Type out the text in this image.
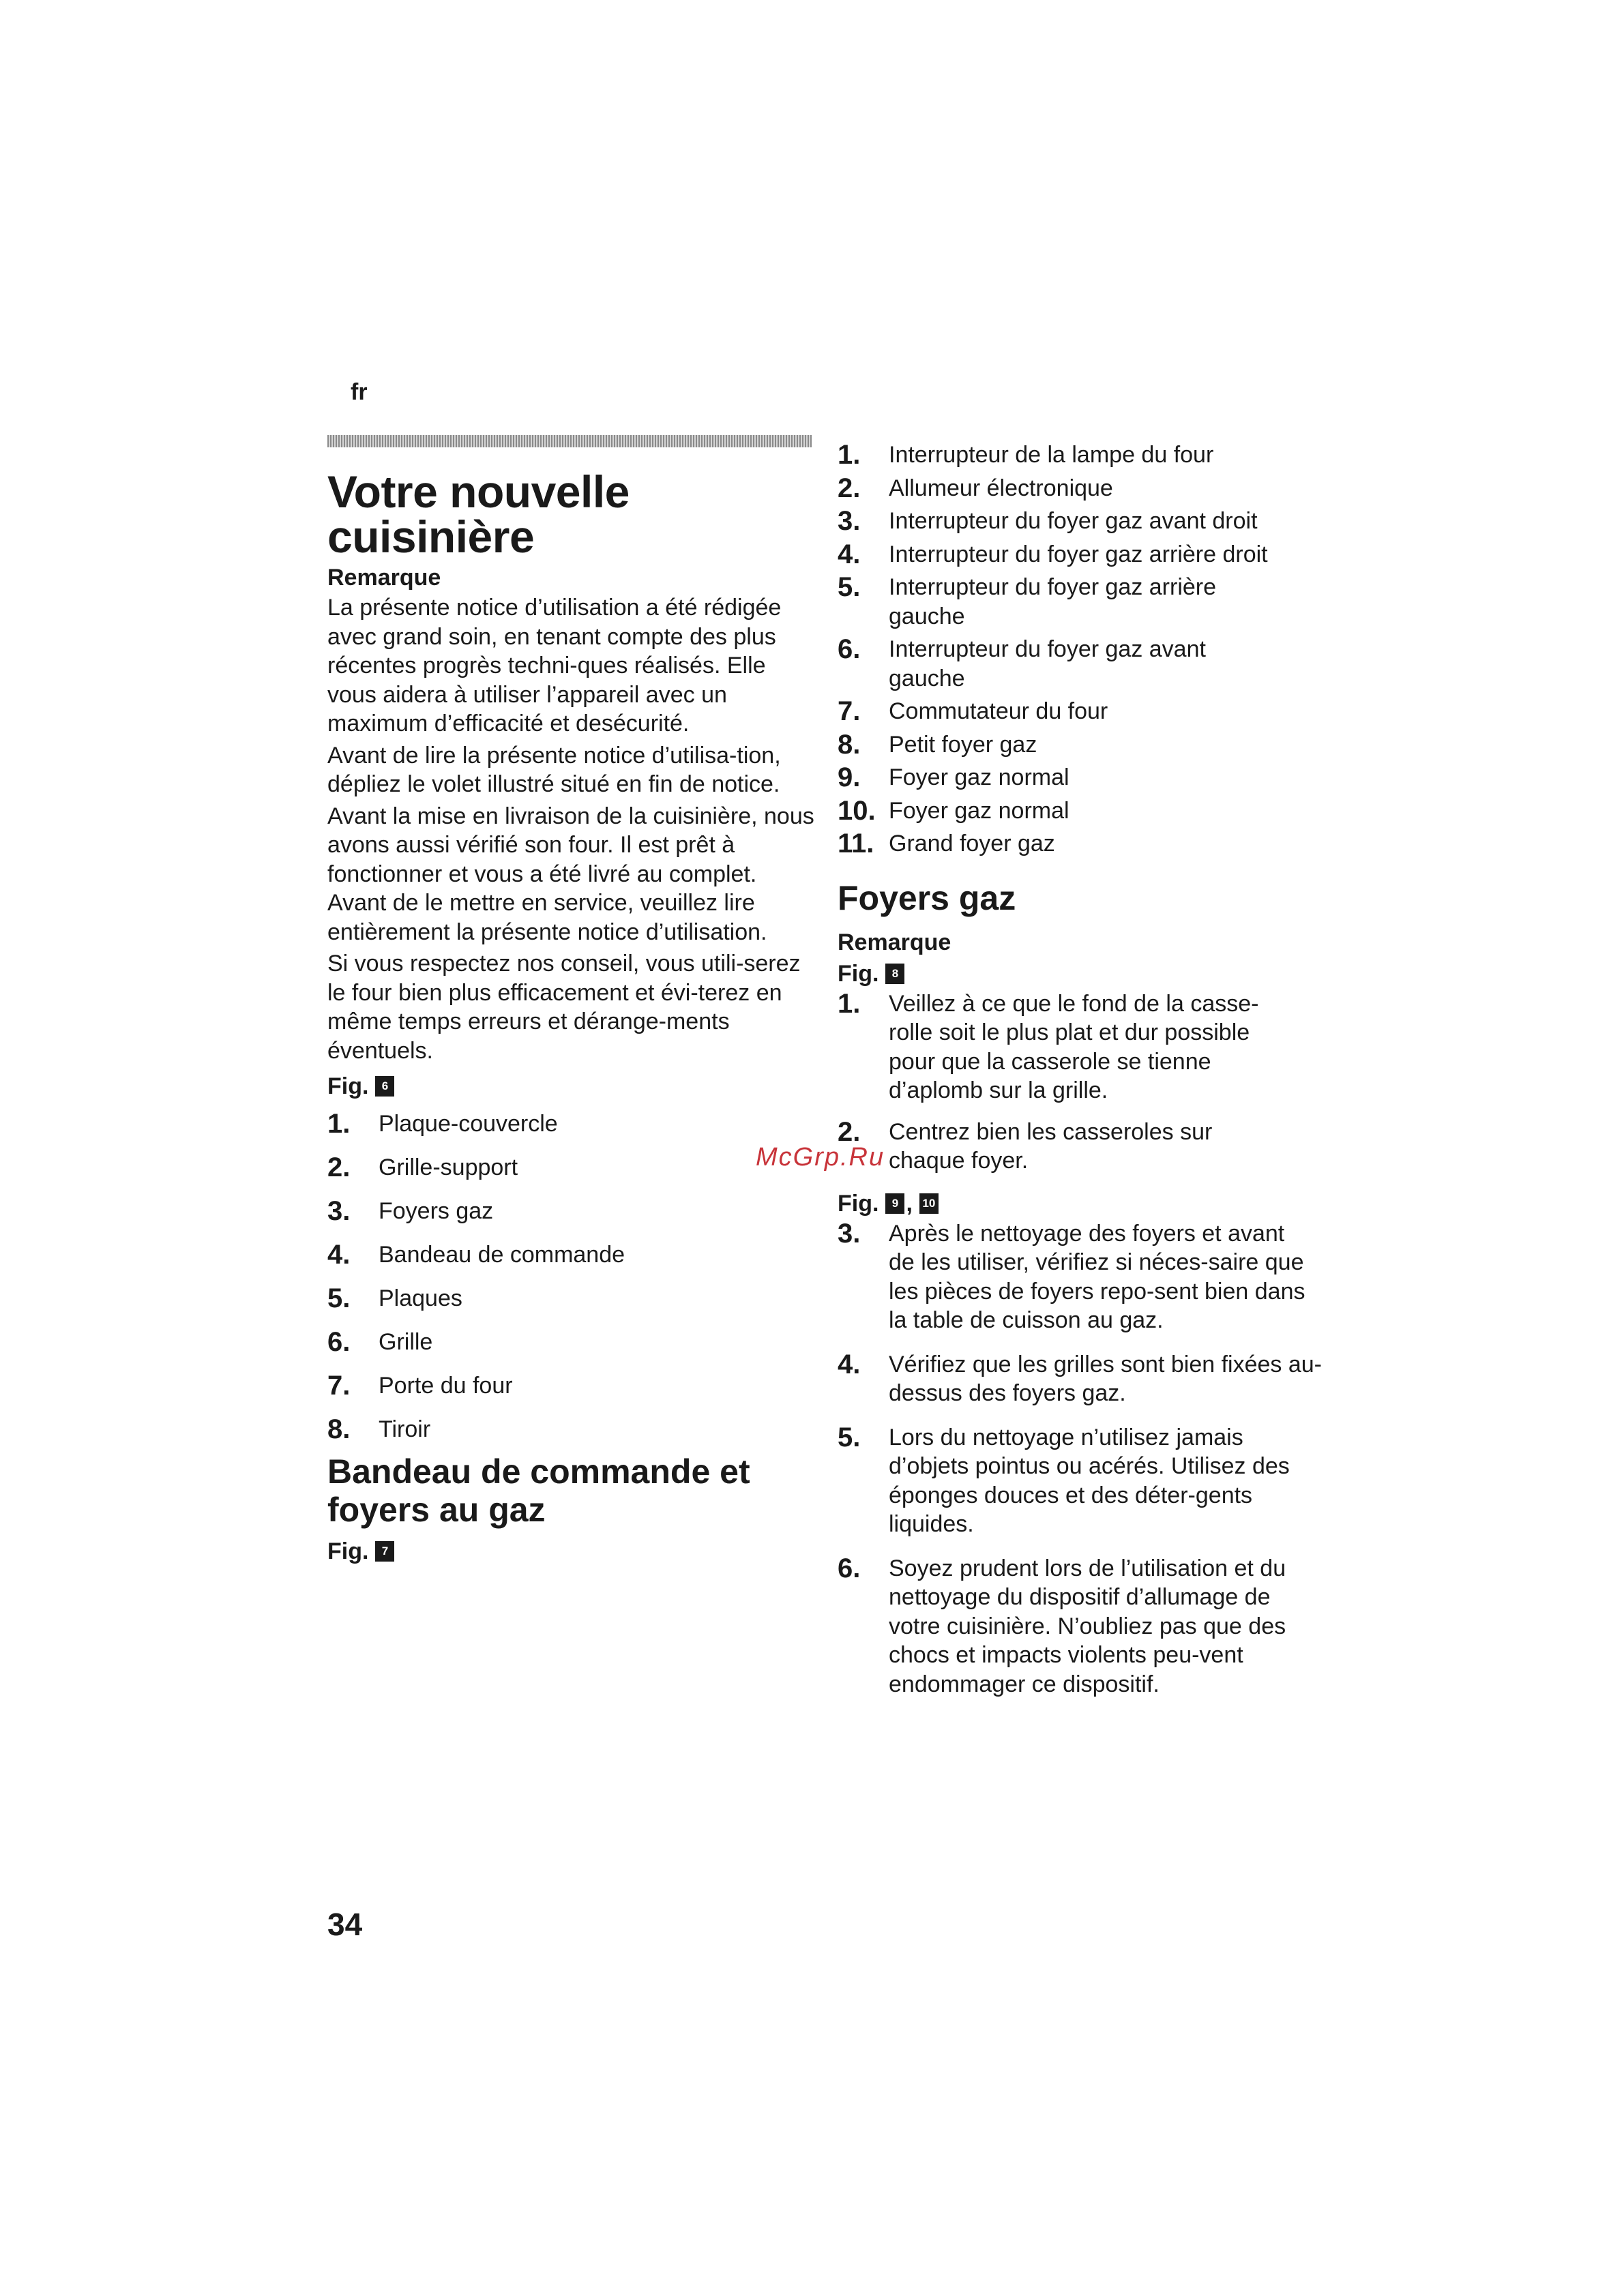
fr
Votre nouvelle cuisinière
Remarque

La présente notice d’utilisation a été rédigée avec grand soin, en tenant compte des plus récentes progrès techni-ques réalisés. Elle vous aidera à utiliser l’appareil avec un maximum d’efficacité et desécurité.

Avant de lire la présente notice d’utilisa-tion, dépliez le volet illustré situé en fin de notice.

Avant la mise en livraison de la cuisinière, nous avons aussi vérifié son four. Il est prêt à fonctionner et vous a été livré au complet. Avant de le mettre en service, veuillez lire entièrement la présente notice d’utilisation.

Si vous respectez nos conseil, vous utili-serez le four bien plus efficacement et évi-terez en même temps erreurs et dérange-ments éventuels.

Fig.	6
1.	Plaque-couvercle
2.	Grille-support
3.	Foyers gaz
4.	Bandeau de commande
5.	Plaques
6.	Grille
7.	Porte du four
8.	Tiroir
Bandeau de commande et foyers au gaz
Fig.	7
1.	Interrupteur de la lampe du four
2.	Allumeur électronique
3.	Interrupteur du foyer gaz avant droit
4.	Interrupteur du foyer gaz arrière droit
5.	Interrupteur du foyer gaz arrière gauche
6.	Interrupteur du foyer gaz avant gauche
7.	Commutateur du four
8.	Petit foyer gaz
9.	Foyer gaz normal
10. Foyer gaz normal
11. Grand foyer gaz
Foyers gaz
Remarque
Fig.	8
1.	Veillez à ce que le fond de la casse-rolle soit le plus plat et dur possible pour que la casserole se tienne d’aplomb sur la grille.
2.	Centrez bien les casseroles sur chaque foyer.
Fig.	9 , 10
3.	Après le nettoyage des foyers et avant de les utiliser, vérifiez si néces-saire que les pièces de foyers repo-sent bien dans la table de cuisson au gaz.
4.	Vérifiez que les grilles sont bien fixées au-dessus des foyers gaz.
5.	Lors du nettoyage n’utilisez jamais d’objets pointus ou acérés. Utilisez des éponges douces et des déter-gents liquides.
6.	Soyez prudent lors de l’utilisation et du nettoyage du dispositif d’allumage de votre cuisinière. N’oubliez pas que des chocs et impacts violents peu-vent endommager ce dispositif.
McGrp.Ru
34
